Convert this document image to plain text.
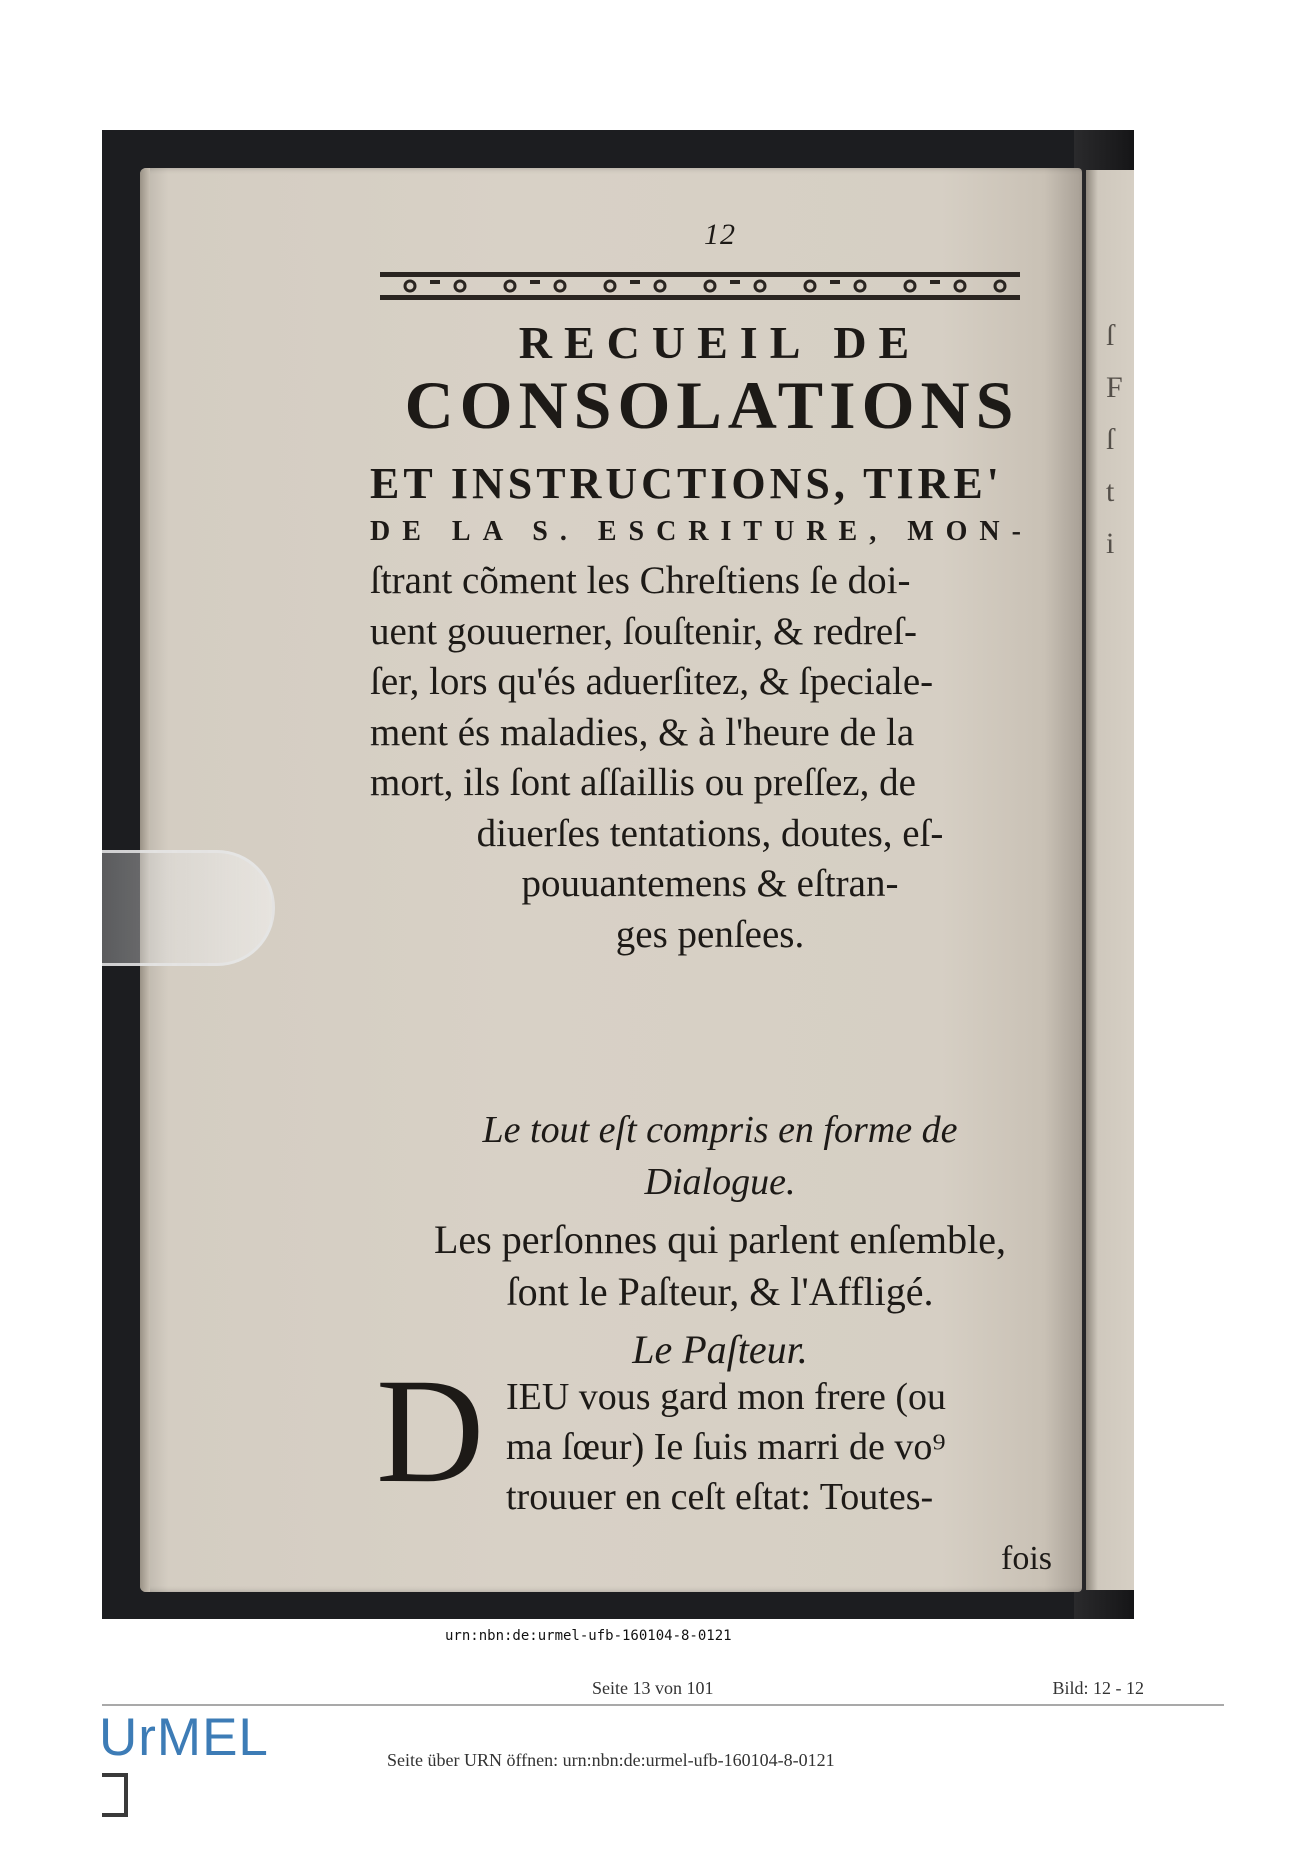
ſ
F
ſ
t
i
12
RECUEIL DE
CONSOLATIONS
ET INSTRUCTIONS, TIRE'
DE LA S. ESCRITURE, MON-
ſtrant cõment les Chreſtiens ſe doi-
uent gouuerner, ſouſtenir, & redreſ-
ſer, lors qu'és aduerſitez, & ſpeciale-
ment és maladies, & à l'heure de la
mort, ils ſont aſſaillis ou preſſez, de
diuerſes tentations, doutes, eſ-
pouuantemens & eſtran-
ges penſees.
Le tout eſt compris en forme de
Dialogue.
Les perſonnes qui parlent enſemble,
ſont le Paſteur, & l'Affligé.
Le Paſteur.
D IEU vous gard mon frere (ou
ma ſœur) Ie ſuis marri de vo⁹
trouuer en ceſt eſtat: Toutes-
fois
urn:nbn:de:urmel-ufb-160104-8-0121
Seite 13 von 101	Bild: 12 - 12
UrMEL	Seite über URN öffnen: urn:nbn:de:urmel-ufb-160104-8-0121
